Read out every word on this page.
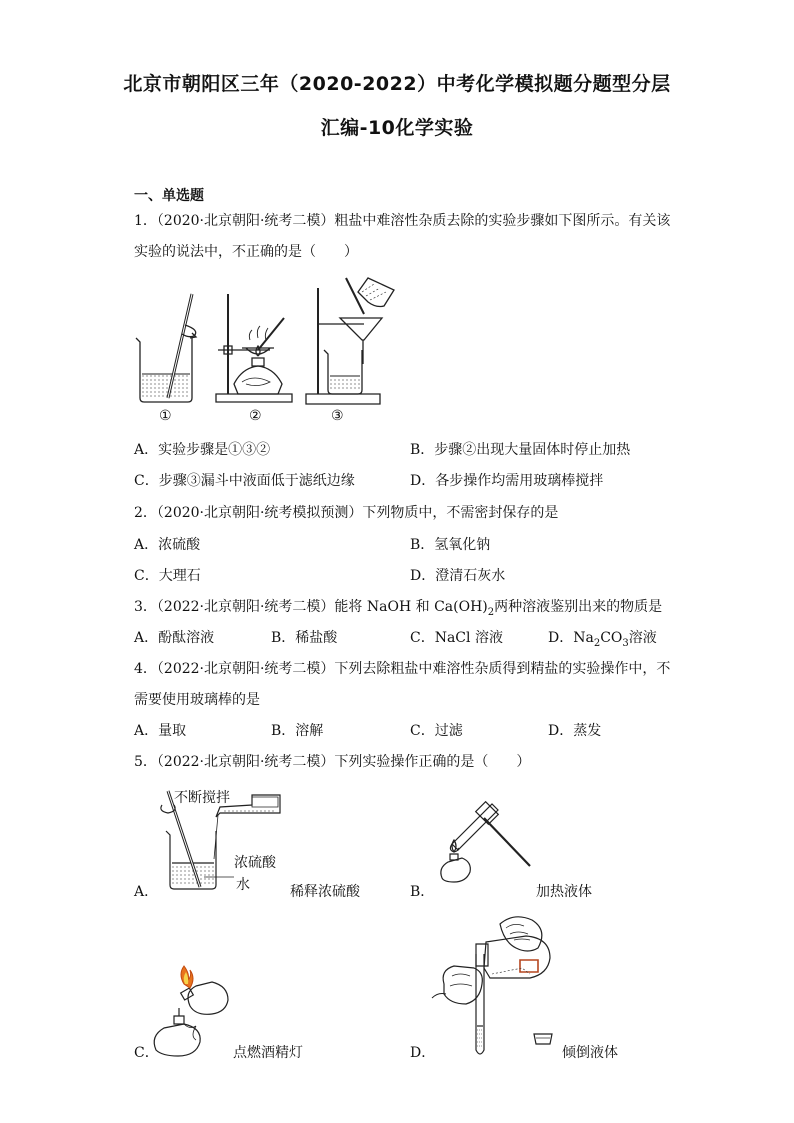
北京市朝阳区三年（2020-2022）中考化学模拟题分题型分层
汇编-10化学实验
一、单选题
1．（2020·北京朝阳·统考二模）粗盐中难溶性杂质去除的实验步骤如下图所示。有关该
实验的说法中，不正确的是（　　）
①	②	③
A．实验步骤是①③②	B．步骤②出现大量固体时停止加热
C．步骤③漏斗中液面低于滤纸边缘	D．各步操作均需用玻璃棒搅拌
2．（2020·北京朝阳·统考模拟预测）下列物质中，不需密封保存的是
A．浓硫酸	B．氢氧化钠
C．大理石	D．澄清石灰水
3．（2022·北京朝阳·统考二模）能将 NaOH 和 $Ca(OH)_2$两种溶液鉴别出来的物质是
A．酚酞溶液	B．稀盐酸	C．NaCl 溶液	D．$Na_2CO_3$溶液
4．（2022·北京朝阳·统考二模）下列去除粗盐中难溶性杂质得到精盐的实验操作中，不
需要使用玻璃棒的是
A．量取	B．溶解	C．过滤	D．蒸发
5．（2022·北京朝阳·统考二模）下列实验操作正确的是（　　）
不断搅拌
浓硫酸
水
A．	稀释浓硫酸	B．	加热液体
C．	点燃酒精灯	D．	倾倒液体
